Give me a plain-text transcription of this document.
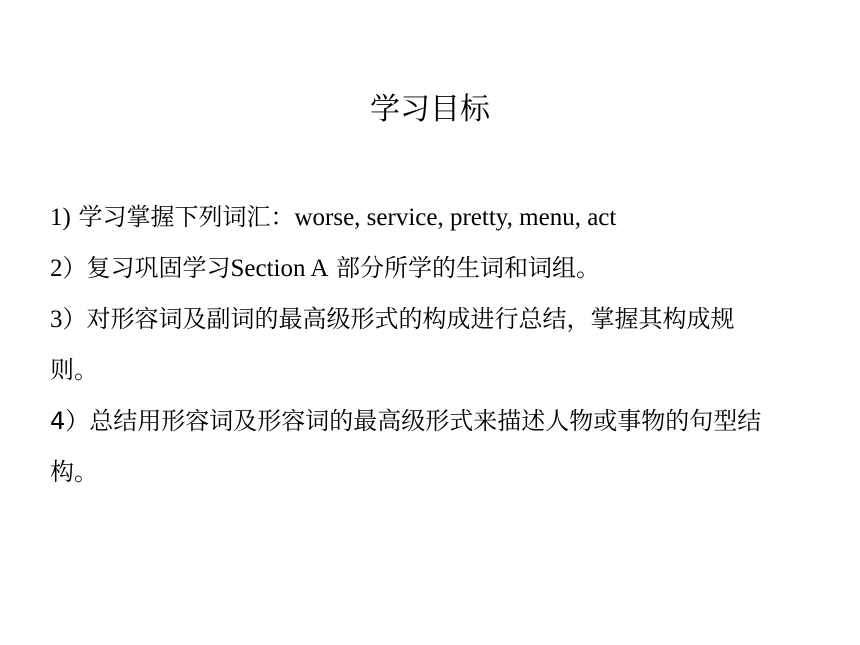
学习目标
1) 学习掌握下列词汇：worse, service, pretty, menu, act
2）复习巩固学习Section A 部分所学的生词和词组。
3）对形容词及副词的最高级形式的构成进行总结，掌握其构成规则。
4）总结用形容词及形容词的最高级形式来描述人物或事物的句型结构。
